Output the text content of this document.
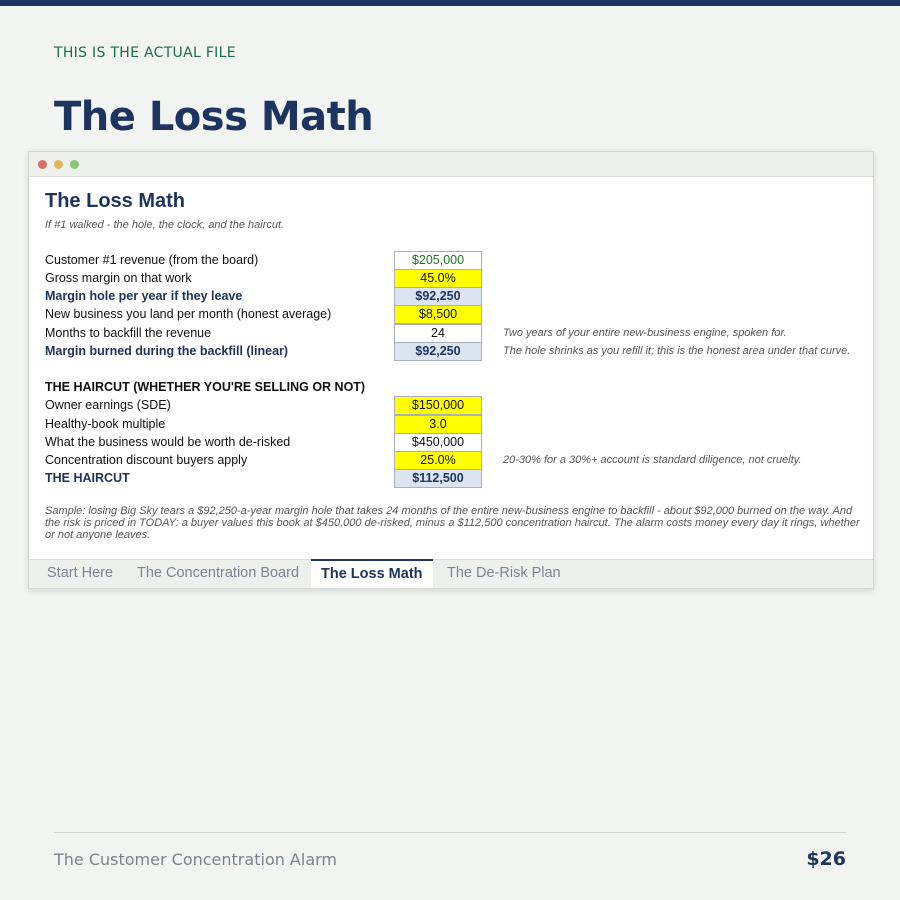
THIS IS THE ACTUAL FILE
The Loss Math
The Loss Math
If #1 walked - the hole, the clock, and the haircut.
Customer #1 revenue (from the board)	$205,000
Gross margin on that work	45.0%
Margin hole per year if they leave	$92,250
New business you land per month (honest average)	$8,500
Months to backfill the revenue	24	Two years of your entire new-business engine, spoken for.
Margin burned during the backfill (linear)	$92,250	The hole shrinks as you refill it; this is the honest area under that curve.
THE HAIRCUT (WHETHER YOU'RE SELLING OR NOT)
Owner earnings (SDE)	$150,000
Healthy-book multiple	3.0
What the business would be worth de-risked	$450,000
Concentration discount buyers apply	25.0%	20-30% for a 30%+ account is standard diligence, not cruelty.
THE HAIRCUT	$112,500
Sample: losing Big Sky tears a $92,250-a-year margin hole that takes 24 months of the entire new-business engine to backfill - about $92,000 burned on the way. And the risk is priced in TODAY: a buyer values this book at $450,000 de-risked, minus a $112,500 concentration haircut. The alarm costs money every day it rings, whether or not anyone leaves.
Start Here	The Concentration Board	The Loss Math	The De-Risk Plan
The Customer Concentration Alarm	$26
